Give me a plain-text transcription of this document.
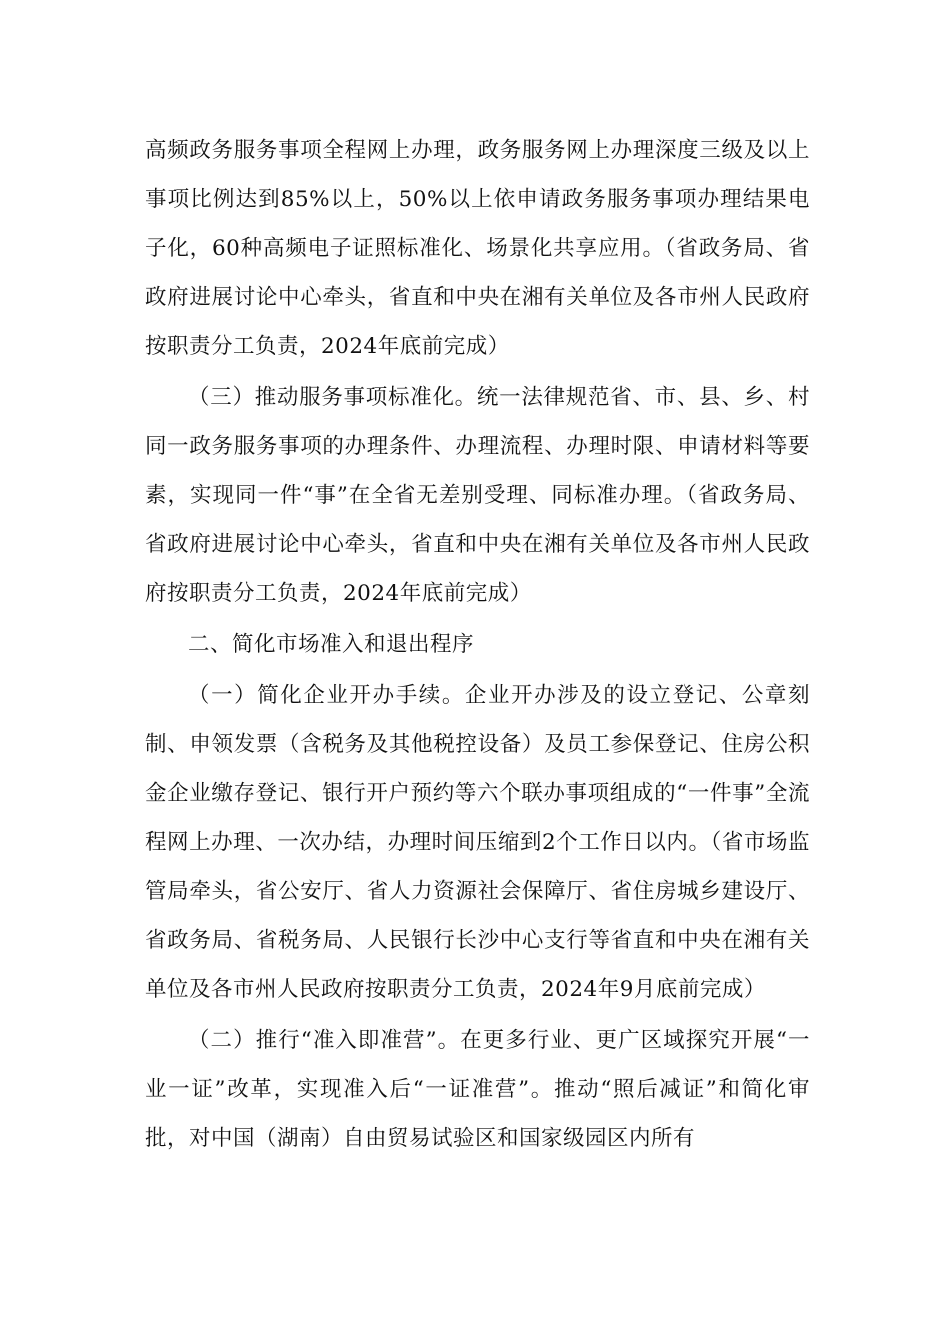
高频政务服务事项全程网上办理，政务服务网上办理深度三级及以上事项比例达到85%以上，50%以上依申请政务服务事项办理结果电子化，60种高频电子证照标准化、场景化共享应用。（省政务局、省政府进展讨论中心牵头，省直和中央在湘有关单位及各市州人民政府按职责分工负责，2024年底前完成）

（三）推动服务事项标准化。统一法律规范省、市、县、乡、村同一政务服务事项的办理条件、办理流程、办理时限、申请材料等要素，实现同一件“事”在全省无差别受理、同标准办理。（省政务局、省政府进展讨论中心牵头，省直和中央在湘有关单位及各市州人民政府按职责分工负责，2024年底前完成）

二、简化市场准入和退出程序

（一）简化企业开办手续。企业开办涉及的设立登记、公章刻制、申领发票（含税务及其他税控设备）及员工参保登记、住房公积金企业缴存登记、银行开户预约等六个联办事项组成的“一件事”全流程网上办理、一次办结，办理时间压缩到2个工作日以内。（省市场监管局牵头，省公安厅、省人力资源社会保障厅、省住房城乡建设厅、省政务局、省税务局、人民银行长沙中心支行等省直和中央在湘有关单位及各市州人民政府按职责分工负责，2024年9月底前完成）

（二）推行“准入即准营”。在更多行业、更广区域探究开展“一业一证”改革，实现准入后“一证准营”。推动“照后减证”和简化审批，对中国（湖南）自由贸易试验区和国家级园区内所有
